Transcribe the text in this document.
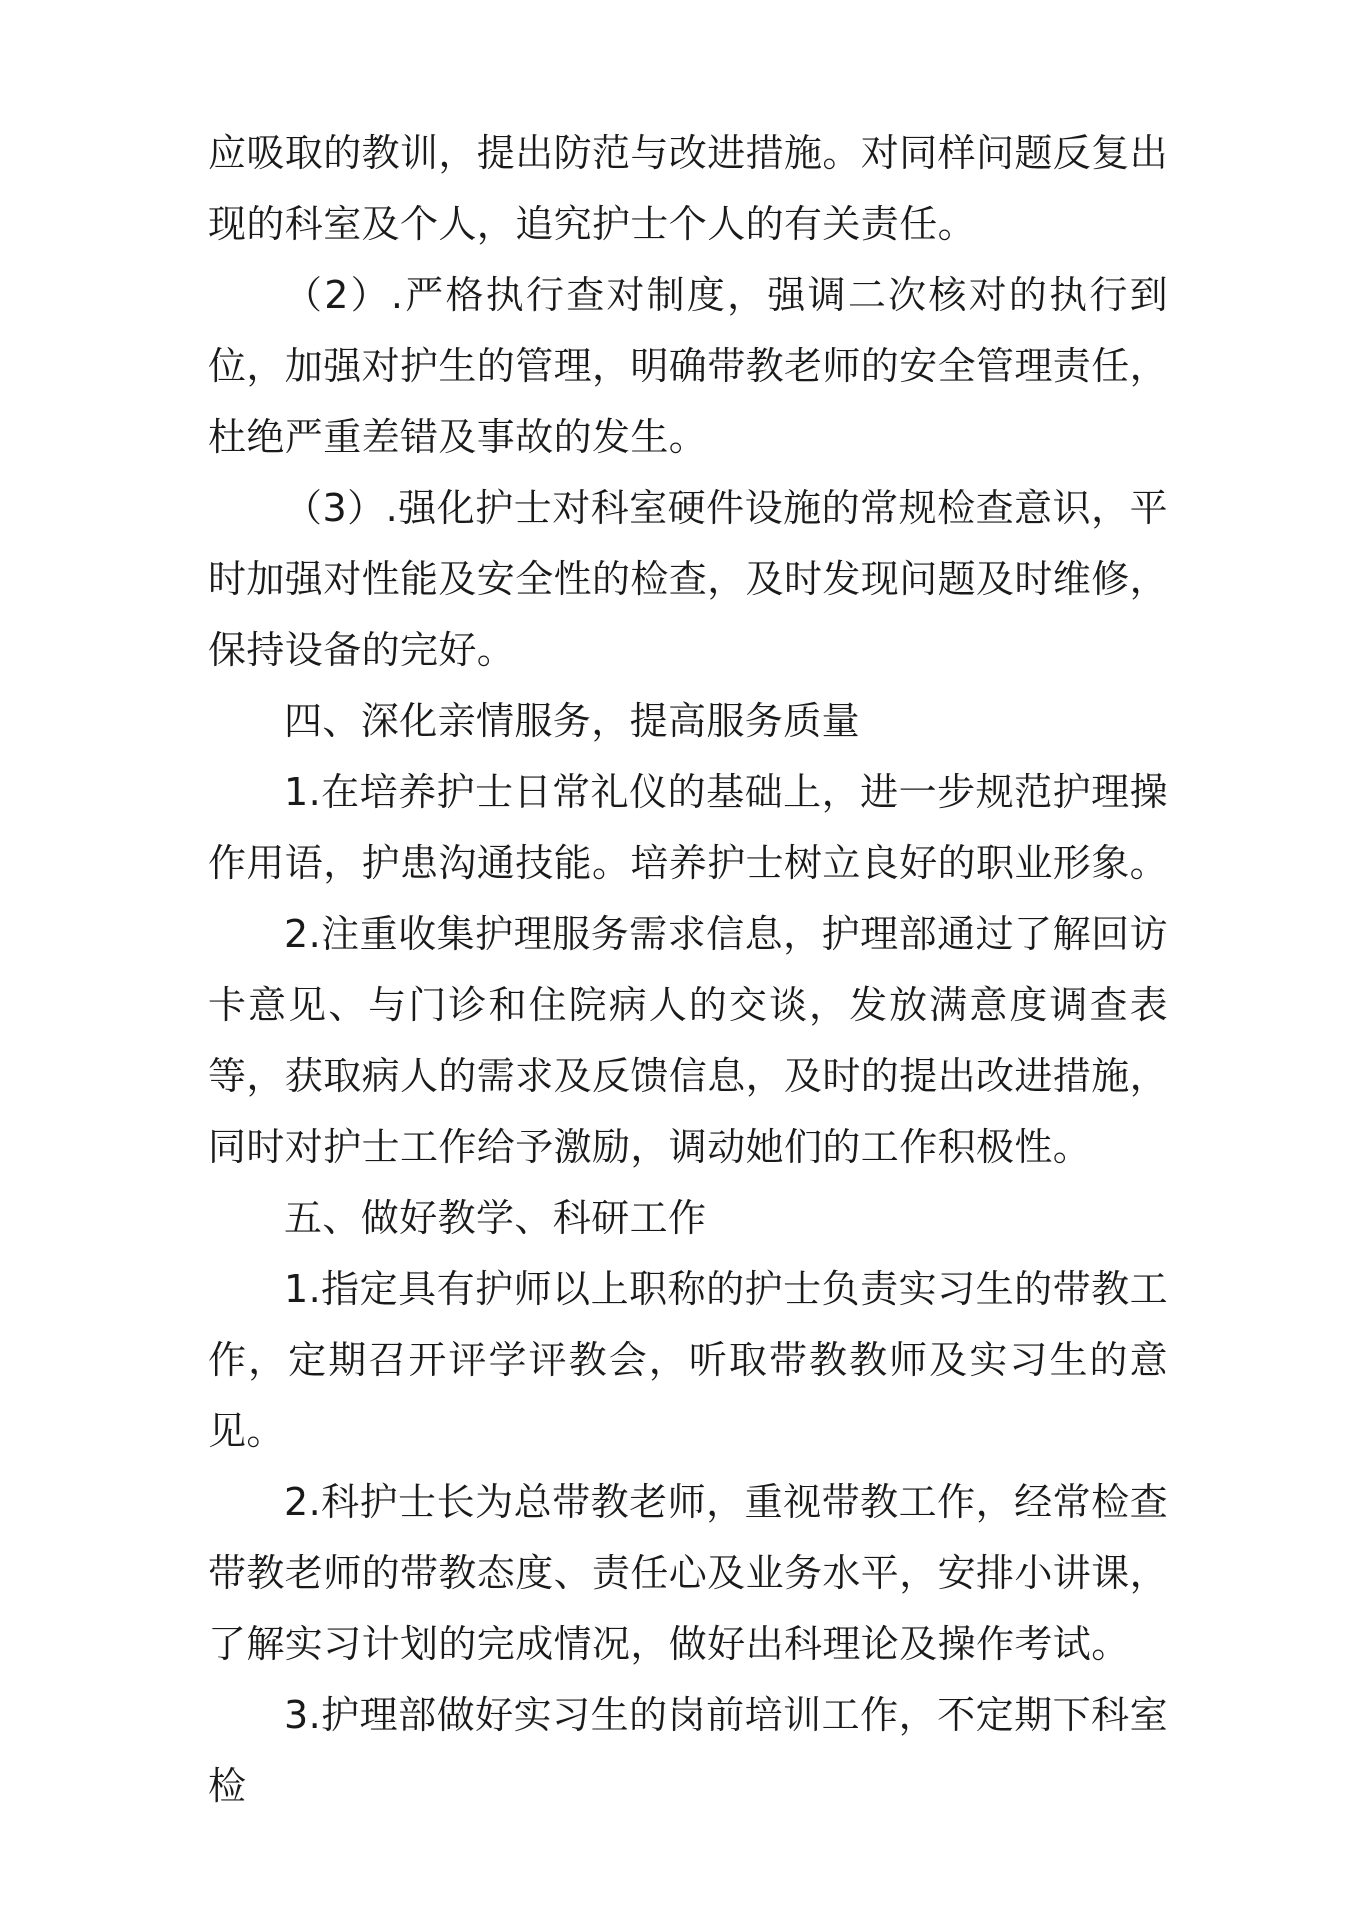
应吸取的教训，提出防范与改进措施。对同样问题反复出现的科室及个人，追究护士个人的有关责任。

（2）.严格执行查对制度，强调二次核对的执行到位，加强对护生的管理，明确带教老师的安全管理责任，杜绝严重差错及事故的发生。

（3）.强化护士对科室硬件设施的常规检查意识，平时加强对性能及安全性的检查，及时发现问题及时维修，保持设备的完好。

四、深化亲情服务，提高服务质量

1.在培养护士日常礼仪的基础上，进一步规范护理操作用语，护患沟通技能。培养护士树立良好的职业形象。

2.注重收集护理服务需求信息，护理部通过了解回访卡意见、与门诊和住院病人的交谈，发放满意度调查表等，获取病人的需求及反馈信息，及时的提出改进措施，同时对护士工作给予激励，调动她们的工作积极性。

五、做好教学、科研工作

1.指定具有护师以上职称的护士负责实习生的带教工作，定期召开评学评教会，听取带教教师及实习生的意见。

2.科护士长为总带教老师，重视带教工作，经常检查带教老师的带教态度、责任心及业务水平，安排小讲课，了解实习计划的完成情况，做好出科理论及操作考试。

3.护理部做好实习生的岗前培训工作，不定期下科室检
